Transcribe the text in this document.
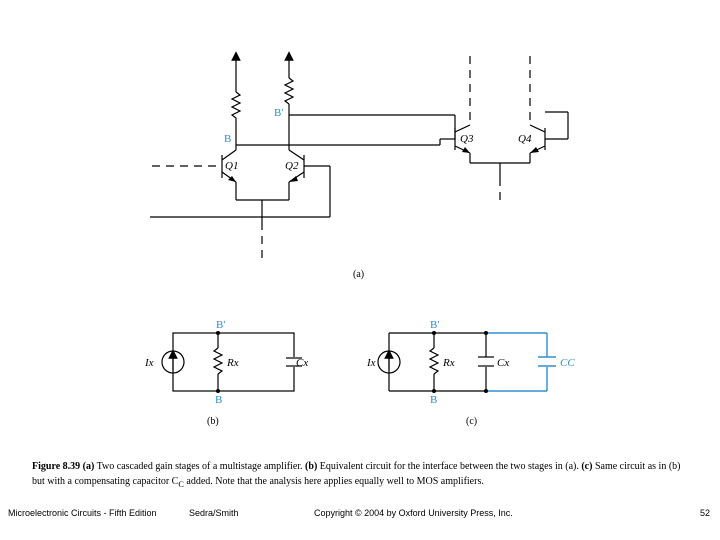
B'
B
Q1	Q2
Q3	Q4
(a)
B'
B
Ix	Rx	Cx
(b)
B'
B
Ix	Rx	Cx	CC
(c)
Figure 8.39 (a) Two cascaded gain stages of a multistage amplifier. (b) Equivalent circuit for the interface between the two stages in (a). (c) Same circuit as in (b) but with a compensating capacitor $C_C$ added. Note that the analysis here applies equally well to MOS amplifiers.
Microelectronic Circuits - Fifth Edition	Sedra/Smith	Copyright © 2004 by Oxford University Press, Inc.	52
